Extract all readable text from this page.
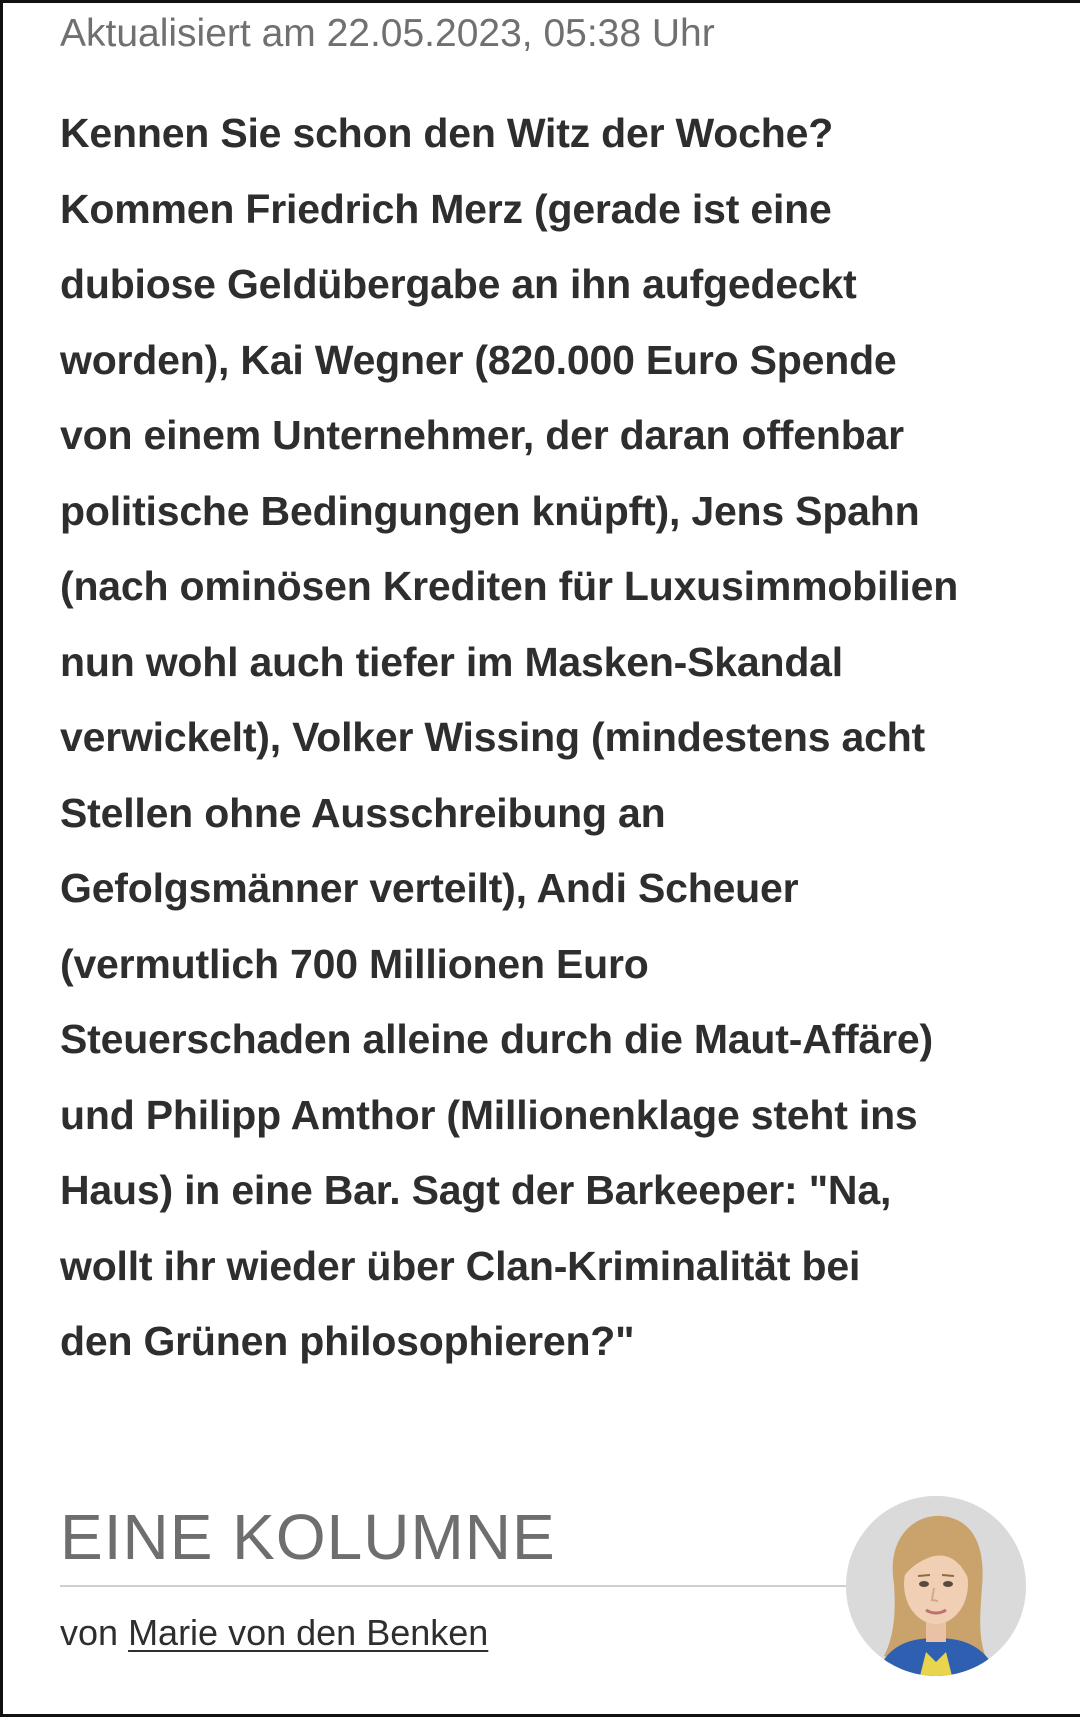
Aktualisiert am 22.05.2023, 05:38 Uhr

Kennen Sie schon den Witz der Woche?
Kommen Friedrich Merz (gerade ist eine
dubiose Geldübergabe an ihn aufgedeckt
worden), Kai Wegner (820.000 Euro Spende
von einem Unternehmer, der daran offenbar
politische Bedingungen knüpft), Jens Spahn
(nach ominösen Krediten für Luxusimmobilien
nun wohl auch tiefer im Masken-Skandal
verwickelt), Volker Wissing (mindestens acht
Stellen ohne Ausschreibung an
Gefolgsmänner verteilt), Andi Scheuer
(vermutlich 700 Millionen Euro
Steuerschaden alleine durch die Maut-Affäre)
und Philipp Amthor (Millionenklage steht ins
Haus) in eine Bar. Sagt der Barkeeper: "Na,
wollt ihr wieder über Clan-Kriminalität bei
den Grünen philosophieren?"

EINE KOLUMNE
von Marie von den Benken
